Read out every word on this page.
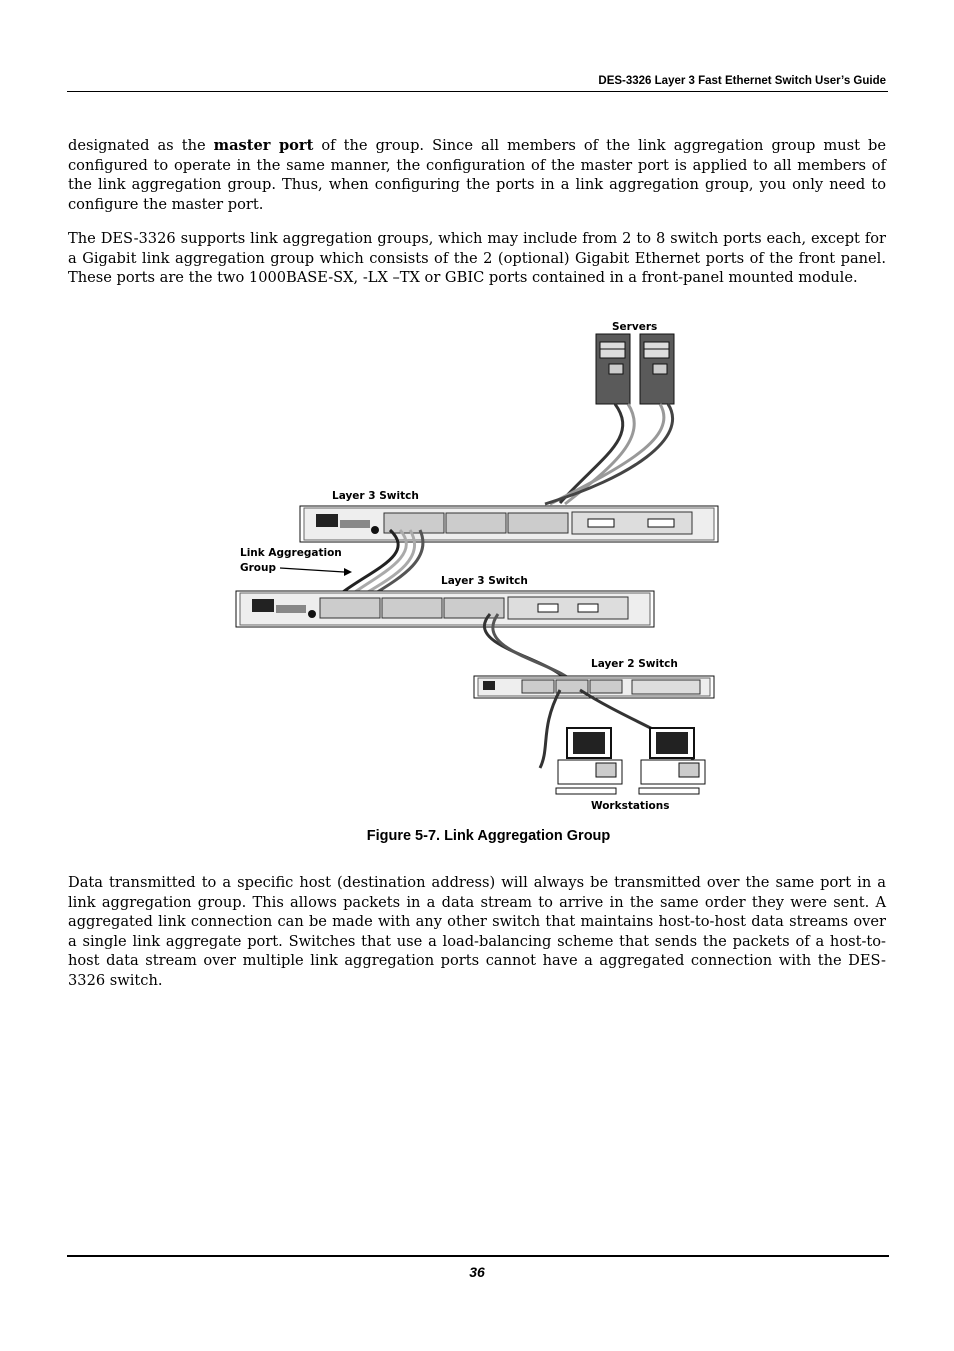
DES-3326 Layer 3 Fast Ethernet Switch User’s Guide

designated as the master port of the group. Since all members of the link aggregation group must be configured to operate in the same manner, the configuration of the master port is applied to all members of the link aggregation group. Thus, when configuring the ports in a link aggregation group, you only need to configure the master port.

The DES-3326 supports link aggregation groups, which may include from 2 to 8 switch ports each, except for a Gigabit link aggregation group which consists of the 2 (optional) Gigabit Ethernet ports of the front panel. These ports are the two 1000BASE-SX, -LX –TX or GBIC ports contained in a front-panel mounted module.

Servers
Layer 3 Switch
Link Aggregation
Group
Layer 3 Switch
Layer 2 Switch
Workstations
Figure 5-7. Link Aggregation Group

Data transmitted to a specific host (destination address) will always be transmitted over the same port in a link aggregation group. This allows packets in a data stream to arrive in the same order they were sent. A aggregated link connection can be made with any other switch that maintains host-to-host data streams over a single link aggregate port. Switches that use a load-balancing scheme that sends the packets of a host-to-host data stream over multiple link aggregation ports cannot have a aggregated connection with the DES-3326 switch.

36
